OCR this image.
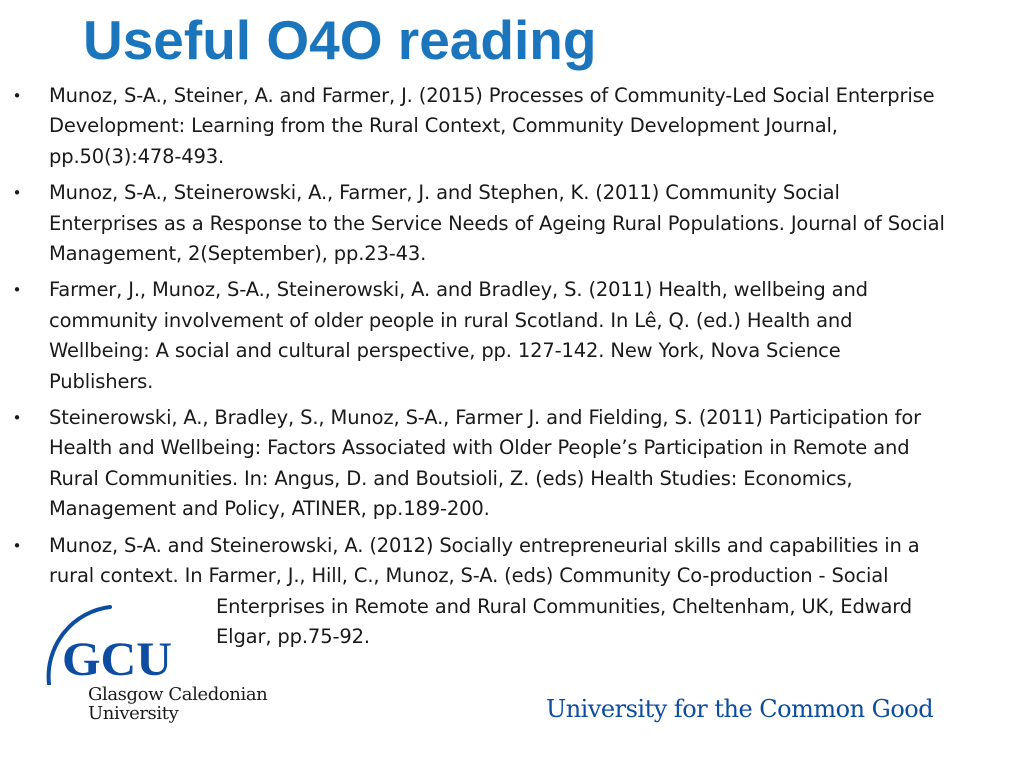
Useful O4O reading
• Munoz, S-A., Steiner, A. and Farmer, J. (2015) Processes of Community-Led Social Enterprise
Development: Learning from the Rural Context, Community Development Journal,
pp.50(3):478-493.
• Munoz, S-A., Steinerowski, A., Farmer, J. and Stephen, K. (2011) Community Social
Enterprises as a Response to the Service Needs of Ageing Rural Populations. Journal of Social
Management, 2(September), pp.23-43.
• Farmer, J., Munoz, S-A., Steinerowski, A. and Bradley, S. (2011) Health, wellbeing and
community involvement of older people in rural Scotland. In Lê, Q. (ed.) Health and
Wellbeing: A social and cultural perspective, pp. 127-142. New York, Nova Science
Publishers.
• Steinerowski, A., Bradley, S., Munoz, S-A., Farmer J. and Fielding, S. (2011) Participation for
Health and Wellbeing: Factors Associated with Older People’s Participation in Remote and
Rural Communities. In: Angus, D. and Boutsioli, Z. (eds) Health Studies: Economics,
Management and Policy, ATINER, pp.189-200.
• Munoz, S-A. and Steinerowski, A. (2012) Socially entrepreneurial skills and capabilities in a
rural context. In Farmer, J., Hill, C., Munoz, S-A. (eds) Community Co-production - Social
Enterprises in Remote and Rural Communities, Cheltenham, UK, Edward
Elgar, pp.75-92.
GCU
Glasgow Caledonian
University	University for the Common Good
